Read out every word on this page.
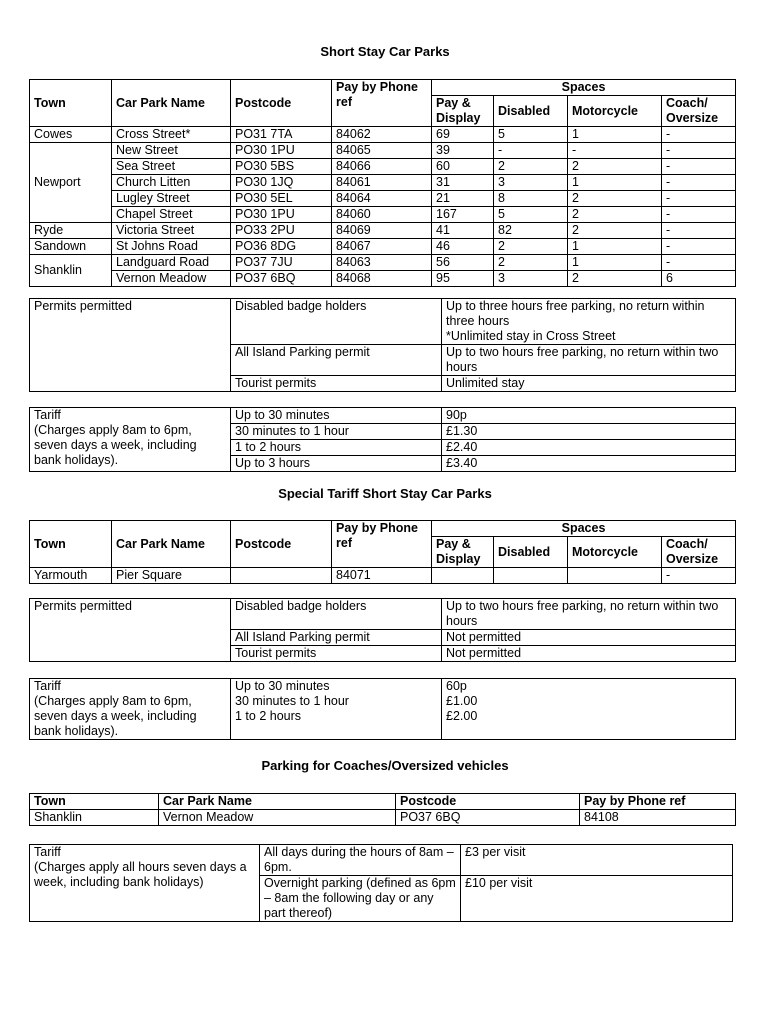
Short Stay Car Parks
Town	Car Park Name	Postcode	Pay by Phone ref	Spaces			
				Pay & Display	Disabled	Motorcycle	Coach/ Oversize
Cowes	Cross Street*	PO31 7TA	84062	69	5	1	-
Newport	New Street	PO30 1PU	84065	39	-	-	-
	Sea Street	PO30 5BS	84066	60	2	2	-
	Church Litten	PO30 1JQ	84061	31	3	1	-
	Lugley Street	PO30 5EL	84064	21	8	2	-
	Chapel Street	PO30 1PU	84060	167	5	2	-
Ryde	Victoria Street	PO33 2PU	84069	41	82	2	-
Sandown	St Johns Road	PO36 8DG	84067	46	2	1	-
Shanklin	Landguard Road	PO37 7JU	84063	56	2	1	-
	Vernon Meadow	PO37 6BQ	84068	95	3	2	6
Permits permitted	Disabled badge holders	Up to three hours free parking, no return within three hours
*Unlimited stay in Cross Street

	All Island Parking permit	Up to two hours free parking, no return within two hours
	Tourist permits	Unlimited stay
Tariff
(Charges apply 8am to 6pm, seven days a week, including bank holidays).	Up to 30 minutes	90p
	30 minutes to 1 hour	£1.30
	1 to 2 hours	£2.40
	Up to 3 hours	£3.40
Special Tariff Short Stay Car Parks
Town	Car Park Name	Postcode	Pay by Phone ref	Spaces			
				Pay & Display	Disabled	Motorcycle	Coach/ Oversize
Yarmouth	Pier Square		84071				-
Permits permitted	Disabled badge holders	Up to two hours free parking, no return within two hours
	All Island Parking permit	Not permitted
	Tourist permits	Not permitted
Tariff
(Charges apply 8am to 6pm, seven days a week, including bank holidays).	Up to 30 minutes	60p
	30 minutes to 1 hour	£1.00
	1 to 2 hours	£2.00

Parking for Coaches/Oversized vehicles
Town	Car Park Name	Postcode	Pay by Phone ref
Shanklin	Vernon Meadow	PO37 6BQ	84108
Tariff
(Charges apply all hours seven days a week, including bank holidays)	All days during the hours of 8am – 6pm.	£3 per visit
	Overnight parking (defined as 6pm – 8am the following day or any part thereof)	£10 per visit
